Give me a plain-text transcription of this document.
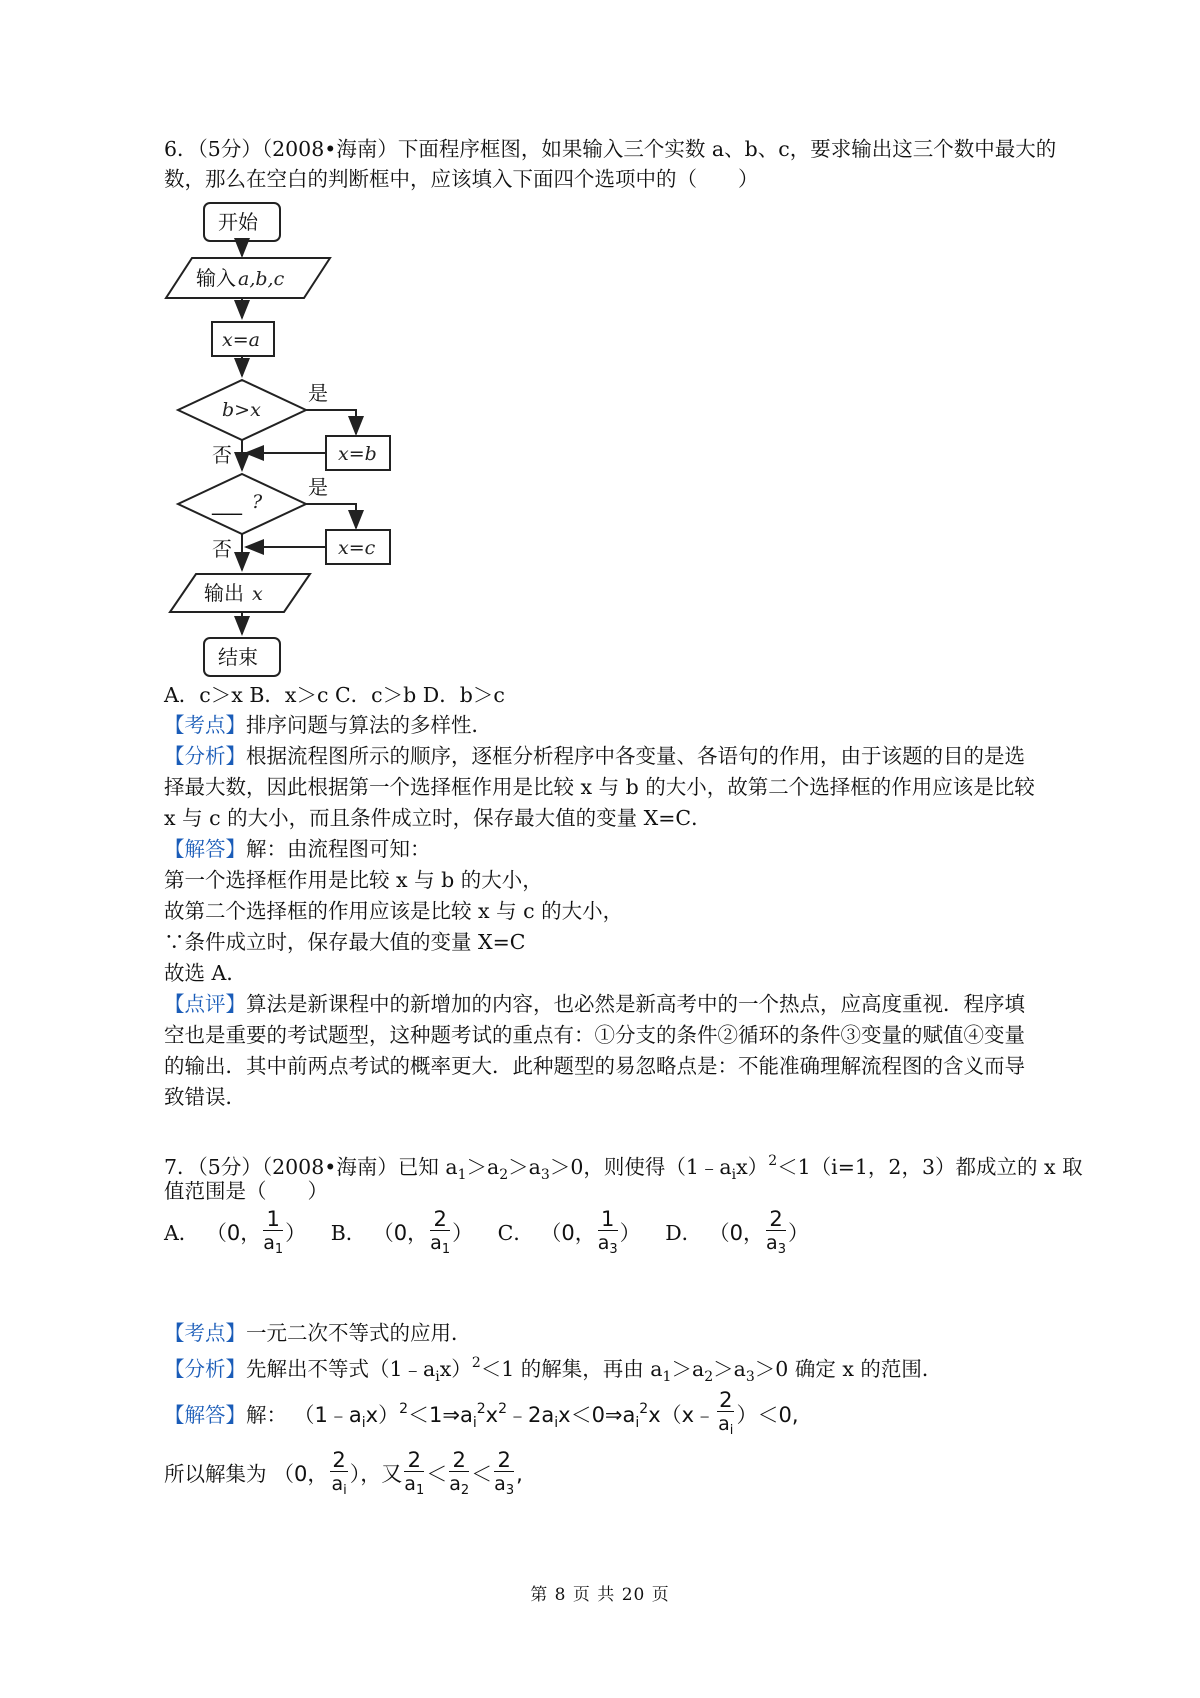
6．（5分）（2008•海南）下面程序框图，如果输入三个实数 a、b、c，要求输出这三个数中最大的
数，那么在空白的判断框中，应该填入下面四个选项中的（　　）
开始
输入 a,b,c
x=a
b>x
是
x=b
否
___ ?
是
x=c
否
输出 x
结束
A．c＞x B．x＞c C．c＞b D．b＞c
【考点】排序问题与算法的多样性．
【分析】根据流程图所示的顺序，逐框分析程序中各变量、各语句的作用，由于该题的目的是选
择最大数，因此根据第一个选择框作用是比较 x 与 b 的大小，故第二个选择框的作用应该是比较
x 与 c 的大小，而且条件成立时，保存最大值的变量 X=C．
【解答】解：由流程图可知：
第一个选择框作用是比较 x 与 b 的大小，
故第二个选择框的作用应该是比较 x 与 c 的大小，
∵条件成立时，保存最大值的变量 X=C
故选 A．
【点评】算法是新课程中的新增加的内容，也必然是新高考中的一个热点，应高度重视．程序填
空也是重要的考试题型，这种题考试的重点有：①分支的条件②循环的条件③变量的赋值④变量
的输出．其中前两点考试的概率更大．此种题型的易忽略点是：不能准确理解流程图的含义而导
致错误．
7．（5分）（2008•海南）已知 $a_1>a_2>a_3>0$，则使得$(1﹣a_ix)^2<1(i=1$，2，3）都成立的 x 取
值范围是（　　）
A． （0， $\frac{1}{a_1}$ ） B． （0， $\frac{2}{a_1}$ ） C． （0， $\frac{1}{a_3}$ ） D． （0， $\frac{2}{a_3}$ ）
【考点】一元二次不等式的应用．
【分析】先解出不等式$(1﹣a_ix)^2<1$ 的解集，再由 $a_1>a_2>a_3>0$ 确定 x 的范围．
【解答】解： $(1﹣a_ix)^2<1\Rightarrow a_i^2x^2﹣2a_ix<0\Rightarrow a_i^2x(x﹣ \frac{2}{a_i} )<0$,
所以解集为 （0， $\frac{2}{a_i}$ ），又 $\frac{2}{a_1} < \frac{2}{a_2} < \frac{2}{a_3}$ ,
第 8 页 共 20 页
